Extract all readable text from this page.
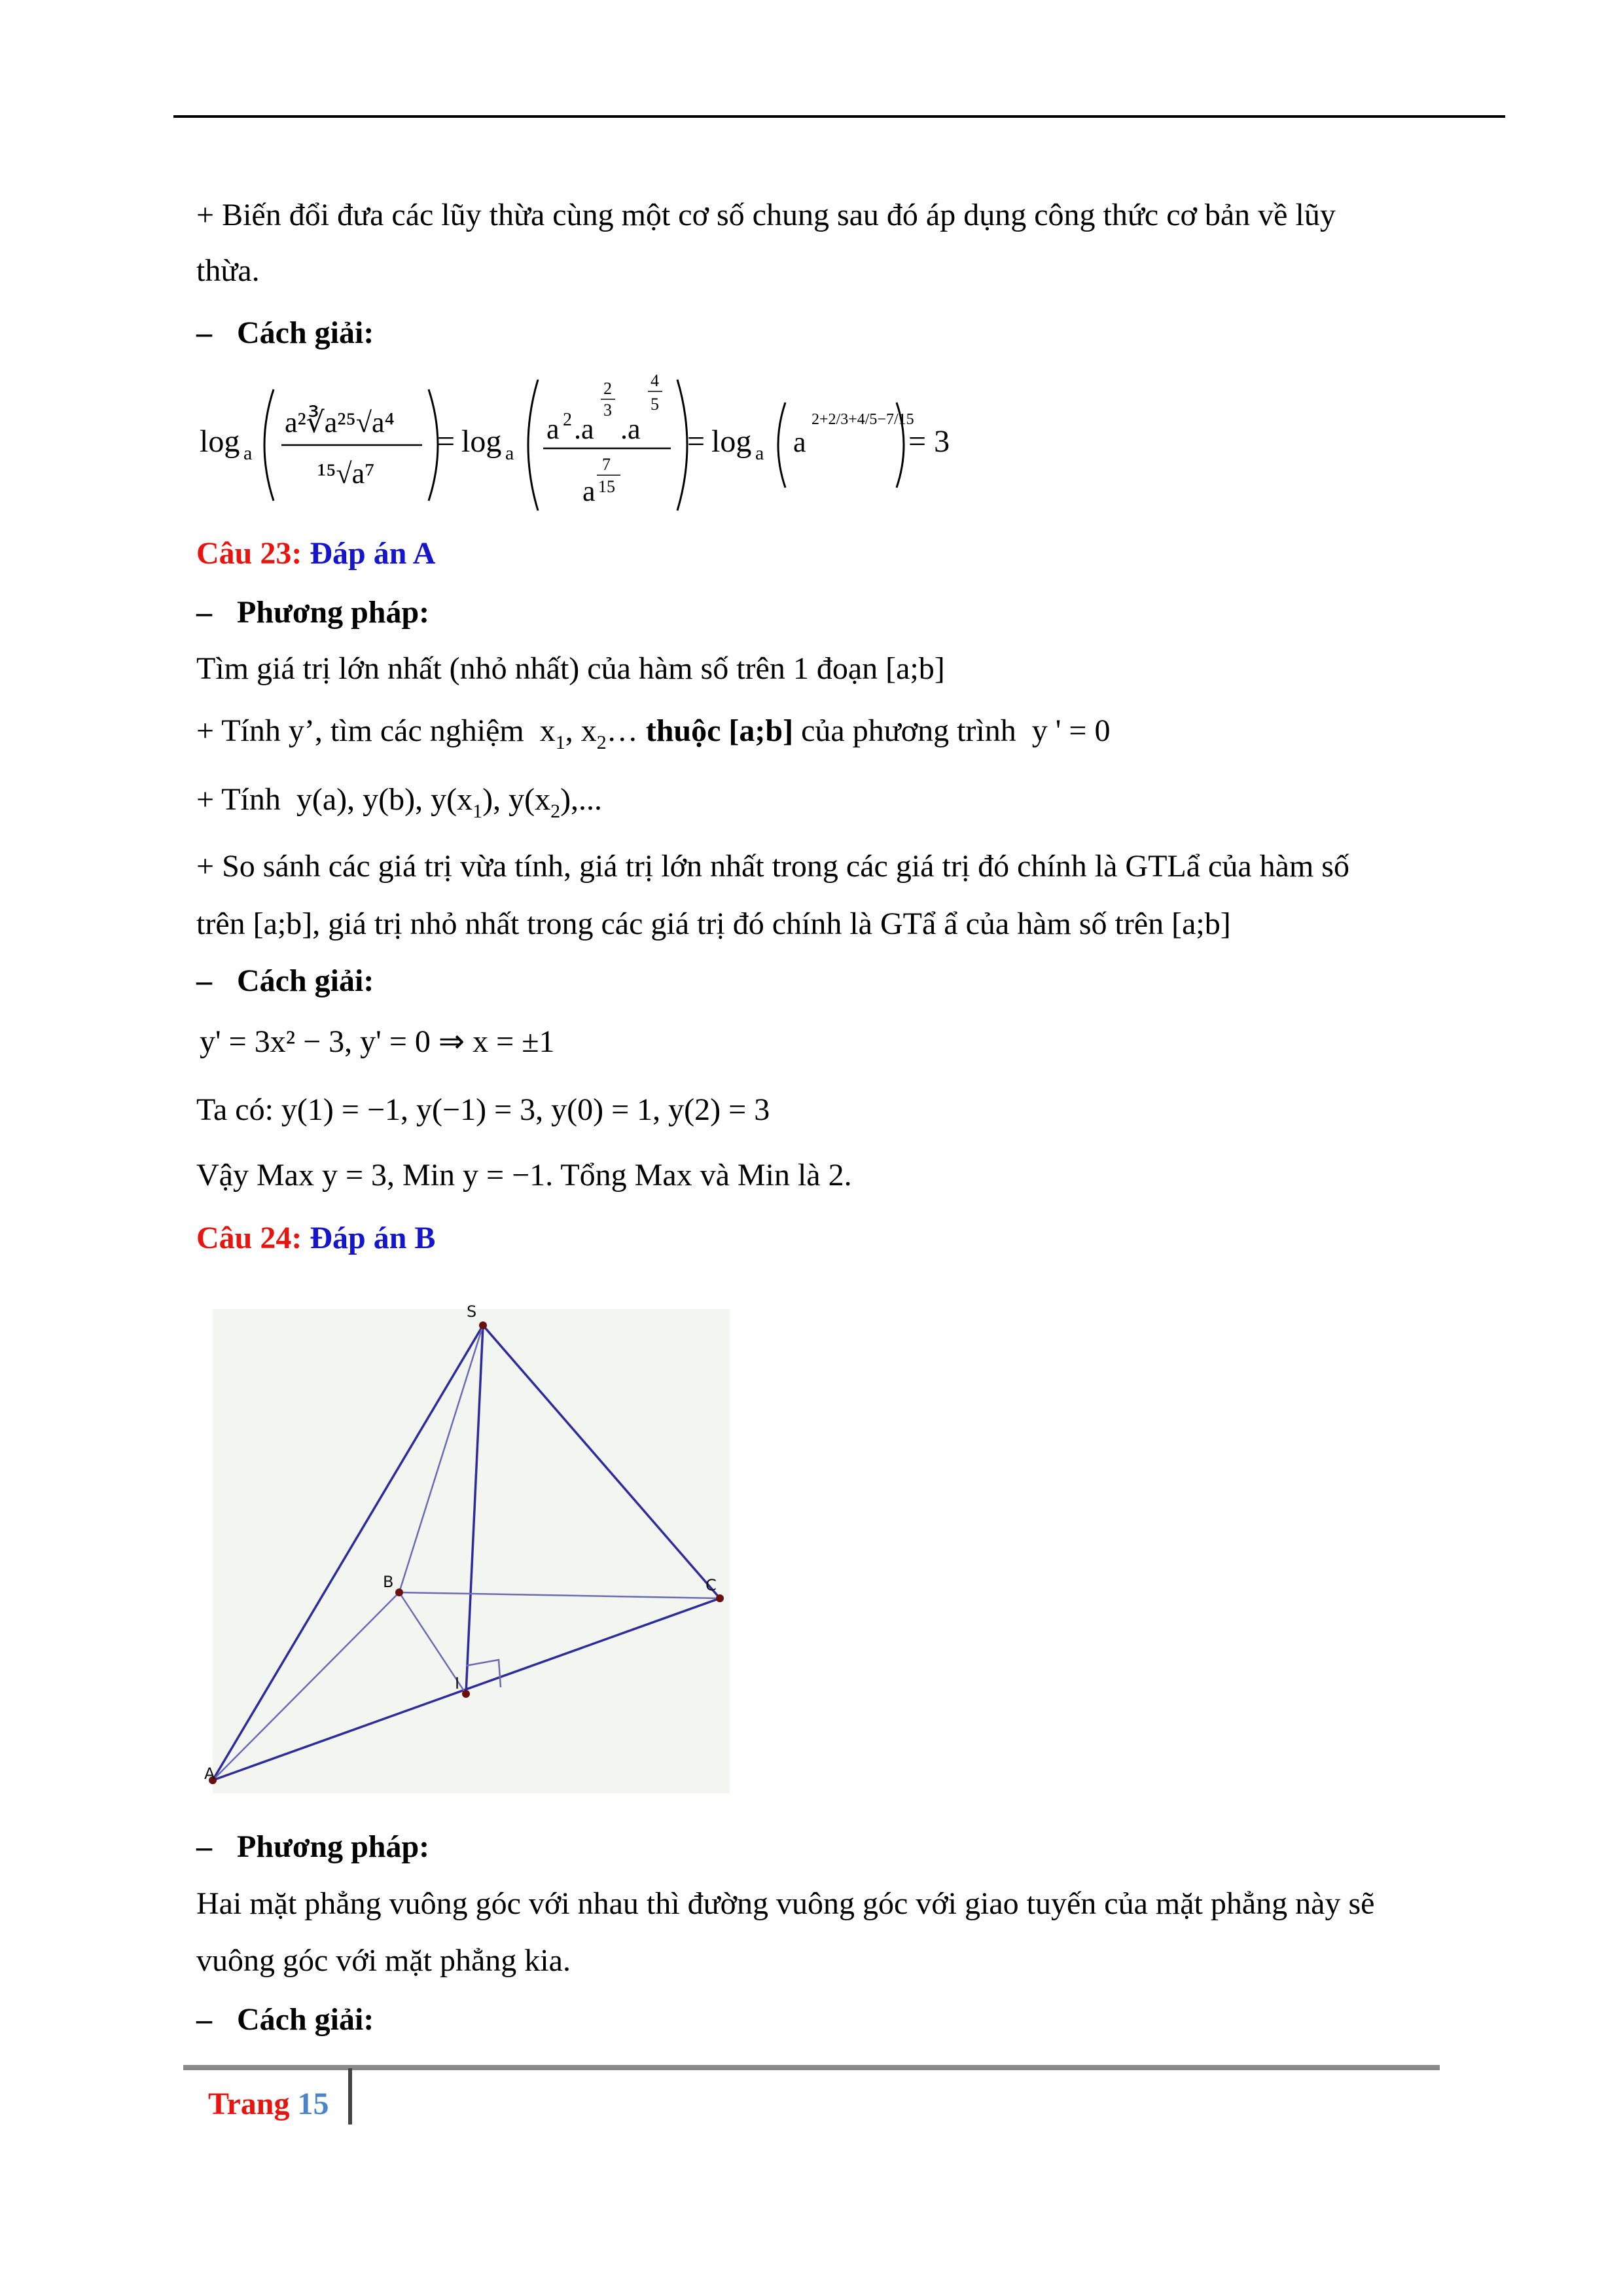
+ Biến đổi đưa các lũy thừa cùng một cơ số chung sau đó áp dụng công thức cơ bản về lũy
thừa.
– Cách giải:
log a
a²∛a²⁵√a⁴
¹⁵√a⁷
= log a
a 2 .a
2
3
.a
4
5
a
7
15
= log a a
2+2/3+4/5−7/15
= 3
Câu 23: Đáp án A
– Phương pháp:
Tìm giá trị lớn nhất (nhỏ nhất) của hàm số trên 1 đoạn [a;b]
+ Tính y’, tìm các nghiệm  $x_1$, $x_2\dots$ thuộc [a;b] của phương trình  y ' = 0
+ Tính  y(a), y(b), $y(x_1)$, $y(x_2)$,...
+ So sánh các giá trị vừa tính, giá trị lớn nhất trong các giá trị đó chính là GTLẩ của hàm số
trên [a;b], giá trị nhỏ nhất trong các giá trị đó chính là GTẩ ẩ của hàm số trên [a;b]
– Cách giải:
y' = 3x² − 3, y' = 0 ⇒ x = ±1
Ta có: y(1) = −1, y(−1) = 3, y(0) = 1, y(2) = 3
Vậy Max y = 3, Min y = −1. Tổng Max và Min là 2.
Câu 24: Đáp án B
S
B	C
I
A
– Phương pháp:
Hai mặt phẳng vuông góc với nhau thì đường vuông góc với giao tuyến của mặt phẳng này sẽ
vuông góc với mặt phẳng kia.
– Cách giải:
Trang 15
